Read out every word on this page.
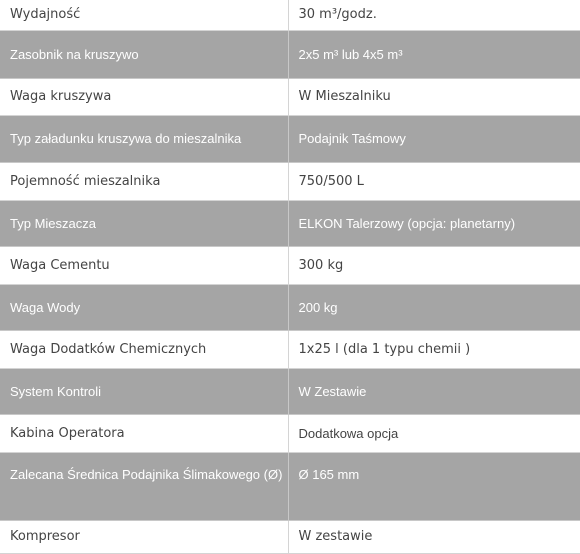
Wydajność	30 m³/godz.
Zasobnik na kruszywo	2x5 m³ lub 4x5 m³
Waga kruszywa	W Mieszalniku
Typ załadunku kruszywa do mieszalnika	Podajnik Taśmowy
Pojemność mieszalnika	750/500 L
Typ Mieszacza	ELKON Talerzowy (opcja: planetarny)
Waga Cementu	300 kg
Waga Wody	200 kg
Waga Dodatków Chemicznych	1x25 l (dla 1 typu chemii )
System Kontroli	W Zestawie
Kabina Operatora	Dodatkowa opcja
Zalecana Średnica Podajnika Ślimakowego (Ø)	Ø 165 mm
Kompresor	W zestawie
